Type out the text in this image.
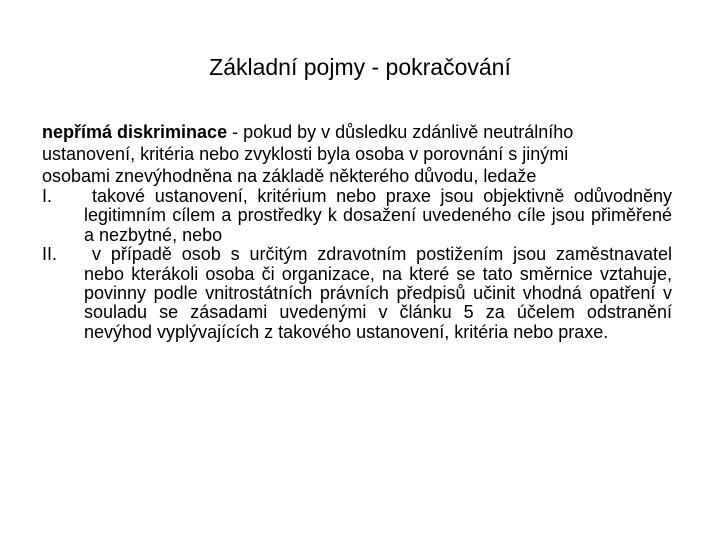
Základní pojmy - pokračování

nepřímá diskriminace - pokud by v důsledku zdánlivě neutrálního ustanovení, kritéria nebo zvyklosti byla osoba v porovnání s jinými osobami znevýhodněna na základě některého důvodu, ledaže

I.	takové ustanovení, kritérium nebo praxe jsou objektivně odůvodněny legitimním cílem a prostředky k dosažení uvedeného cíle jsou přiměřené a nezbytné, nebo
II.	v případě osob s určitým zdravotním postižením jsou zaměstnavatel nebo kterákoli osoba či organizace, na které se tato směrnice vztahuje, povinny podle vnitrostátních právních předpisů učinit vhodná opatření v souladu se zásadami uvedenými v článku 5 za účelem odstranění nevýhod vyplývajících z takového ustanovení, kritéria nebo praxe.
